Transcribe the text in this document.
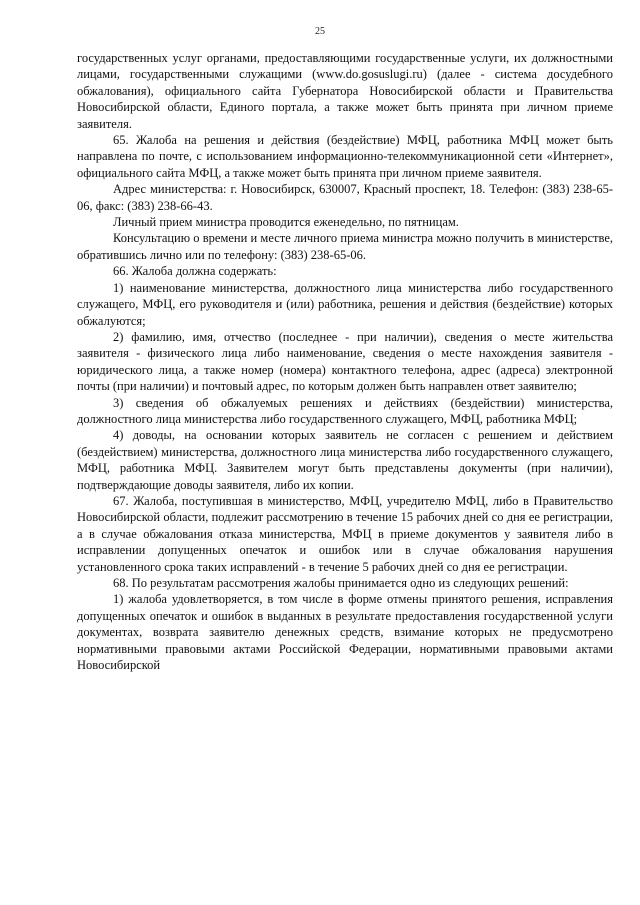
25

государственных услуг органами, предоставляющими государственные услуги, их должностными лицами, государственными служащими (www.do.gosuslugi.ru) (далее - система досудебного обжалования), официального сайта Губернатора Новосибирской области и Правительства Новосибирской области, Единого портала, а также может быть принята при личном приеме заявителя.

65. Жалоба на решения и действия (бездействие) МФЦ, работника МФЦ может быть направлена по почте, с использованием информационно-телекоммуникационной сети «Интернет», официального сайта МФЦ, а также может быть принята при личном приеме заявителя.

Адрес министерства: г. Новосибирск, 630007, Красный проспект, 18. Телефон: (383) 238-65-06, факс: (383) 238-66-43.

Личный прием министра проводится еженедельно, по пятницам.

Консультацию о времени и месте личного приема министра можно получить в министерстве, обратившись лично или по телефону: (383) 238-65-06.

66. Жалоба должна содержать:

1) наименование министерства, должностного лица министерства либо государственного служащего, МФЦ, его руководителя и (или) работника, решения и действия (бездействие) которых обжалуются;

2) фамилию, имя, отчество (последнее - при наличии), сведения о месте жительства заявителя - физического лица либо наименование, сведения о месте нахождения заявителя - юридического лица, а также номер (номера) контактного телефона, адрес (адреса) электронной почты (при наличии) и почтовый адрес, по которым должен быть направлен ответ заявителю;

3) сведения об обжалуемых решениях и действиях (бездействии) министерства, должностного лица министерства либо государственного служащего, МФЦ, работника МФЦ;

4) доводы, на основании которых заявитель не согласен с решением и действием (бездействием) министерства, должностного лица министерства либо государственного служащего, МФЦ, работника МФЦ. Заявителем могут быть представлены документы (при наличии), подтверждающие доводы заявителя, либо их копии.

67. Жалоба, поступившая в министерство, МФЦ, учредителю МФЦ, либо в Правительство Новосибирской области, подлежит рассмотрению в течение 15 рабочих дней со дня ее регистрации, а в случае обжалования отказа министерства, МФЦ в приеме документов у заявителя либо в исправлении допущенных опечаток и ошибок или в случае обжалования нарушения установленного срока таких исправлений - в течение 5 рабочих дней со дня ее регистрации.

68. По результатам рассмотрения жалобы принимается одно из следующих решений:

1) жалоба удовлетворяется, в том числе в форме отмены принятого решения, исправления допущенных опечаток и ошибок в выданных в результате предоставления государственной услуги документах, возврата заявителю денежных средств, взимание которых не предусмотрено нормативными правовыми актами Российской Федерации, нормативными правовыми актами Новосибирской
